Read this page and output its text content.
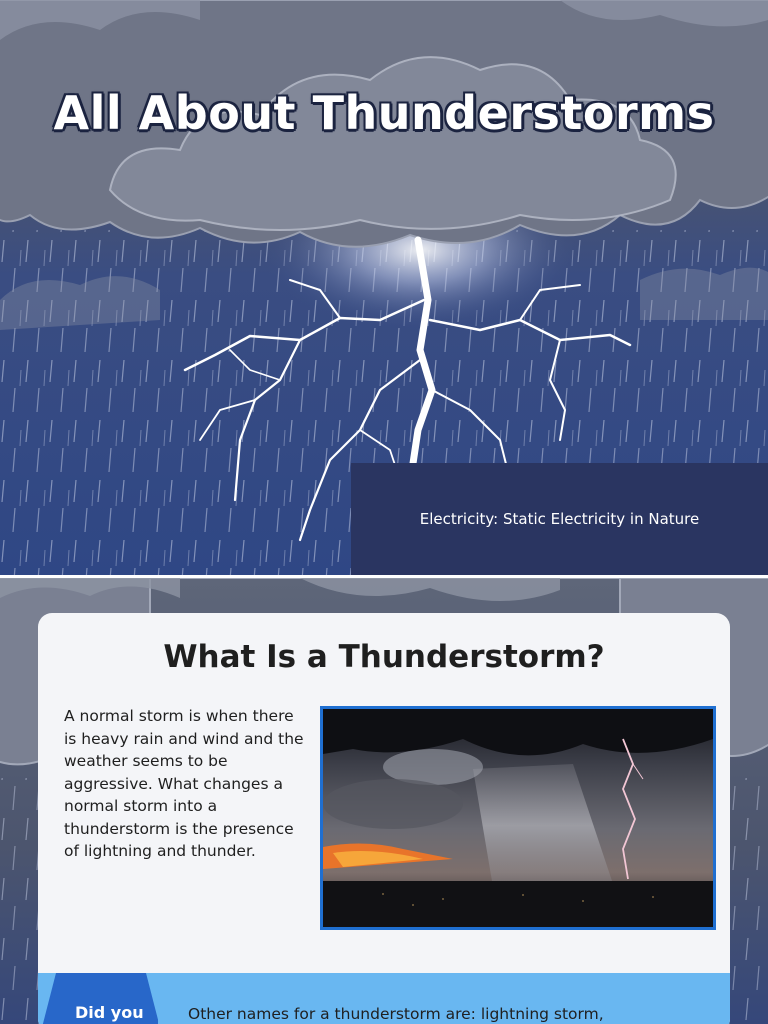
All About Thunderstorms
Electricity: Static Electricity in Nature
What Is a Thunderstorm?

A normal storm is when there is heavy rain and wind and the weather seems to be aggressive. What changes a normal storm into a thunderstorm is the presence of lightning and thunder.

Did you	Other names for a thunderstorm are: lightning storm,
